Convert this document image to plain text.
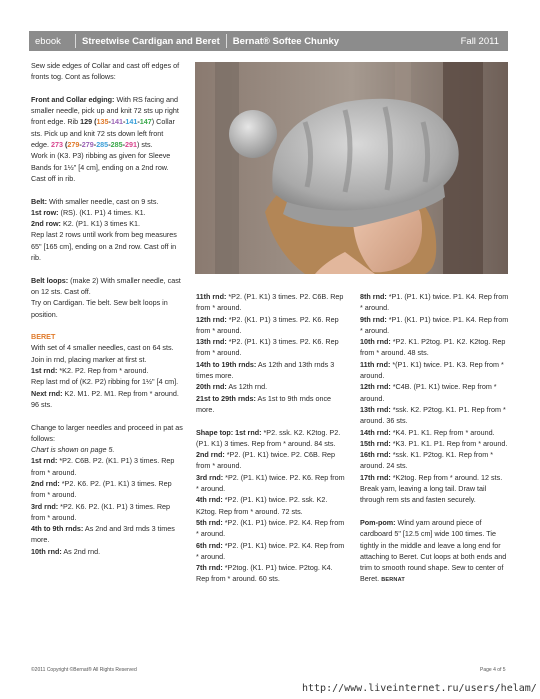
ebook	Streetwise Cardigan and Beret Bernat® Softee Chunky	Fall 2011

Sew side edges of Collar and cast off edges of fronts tog. Cont as follows:

Front and Collar edging: With RS facing and smaller needle, pick up and knit 72 sts up right front edge. Rib 129 (135-141-141-147) Collar sts. Pick up and knit 72 sts down left front edge. 273 (279-279-285-285-291) sts.

Work in (K3. P3) ribbing as given for Sleeve Bands for 1½" [4 cm], ending on a 2nd row. Cast off in rib.

Belt: With smaller needle, cast on 9 sts.

1st row: (RS). (K1. P1) 4 times. K1.

2nd row: K2. (P1. K1) 3 times K1.

Rep last 2 rows until work from beg measures 65" [165 cm], ending on a 2nd row. Cast off in rib.

Belt loops: (make 2) With smaller needle, cast on 12 sts. Cast off.

Try on Cardigan. Tie belt. Sew belt loops in position.

BERET

With set of 4 smaller needles, cast on 64 sts. Join in rnd, placing marker at first st.

1st rnd: *K2. P2. Rep from * around.

Rep last rnd of (K2. P2) ribbing for 1½" [4 cm].

Next rnd: K2. M1. P2. M1. Rep from * around. 96 sts.

Change to larger needles and proceed in pat as follows:

Chart is shown on page 5.

1st rnd: *P2. C6B. P2. (K1. P1) 3 times. Rep from * around.

2nd rnd: *P2. K6. P2. (P1. K1) 3 times. Rep from * around.

3rd rnd: *P2. K6. P2. (K1. P1) 3 times. Rep from * around.

4th to 9th rnds: As 2nd and 3rd rnds 3 times more.

10th rnd: As 2nd rnd.

11th rnd: *P2. (P1. K1) 3 times. P2. C6B. Rep from * around.

12th rnd: *P2. (K1. P1) 3 times. P2. K6. Rep from * around.

13th rnd: *P2. (P1. K1) 3 times. P2. K6. Rep from * around.

14th to 19th rnds: As 12th and 13th rnds 3 times more.

20th rnd: As 12th rnd.

21st to 29th rnds: As 1st to 9th rnds once more.

Shape top: 1st rnd: *P2. ssk. K2. K2tog. P2. (P1. K1) 3 times. Rep from * around. 84 sts.

2nd rnd: *P2. (P1. K1) twice. P2. C6B. Rep from * around.

3rd rnd: *P2. (P1. K1) twice. P2. K6. Rep from * around.

4th rnd: *P2. (P1. K1) twice. P2. ssk. K2. K2tog. Rep from * around. 72 sts.

5th rnd: *P2. (K1. P1) twice. P2. K4. Rep from * around.

6th rnd: *P2. (P1. K1) twice. P2. K4. Rep from * around.

7th rnd: *P2tog. (K1. P1) twice. P2tog. K4. Rep from * around. 60 sts.

8th rnd: *P1. (P1. K1) twice. P1. K4. Rep from * around.

9th rnd: *P1. (K1. P1) twice. P1. K4. Rep from * around.

10th rnd: *P2. K1. P2tog. P1. K2. K2tog. Rep from * around. 48 sts.

11th rnd: *(P1. K1) twice. P1. K3. Rep from * around.

12th rnd: *C4B. (P1. K1) twice. Rep from * around.

13th rnd: *ssk. K2. P2tog. K1. P1. Rep from * around. 36 sts.

14th rnd: *K4. P1. K1. Rep from * around.

15th rnd: *K3. P1. K1. P1. Rep from * around.

16th rnd: *ssk. K1. P2tog. K1. Rep from * around. 24 sts.

17th rnd: *K2tog. Rep from * around. 12 sts. Break yarn, leaving a long tail. Draw tail through rem sts and fasten securely.

Pom-pom: Wind yarn around piece of cardboard 5" [12.5 cm] wide 100 times. Tie tightly in the middle and leave a long end for attaching to Beret. Cut loops at both ends and trim to smooth round shape. Sew to center of Beret. BERNAT

©2011 Copyright ©Bernat® All Rights Reserved	Page 4 of 5
http://www.liveinternet.ru/users/helam/
